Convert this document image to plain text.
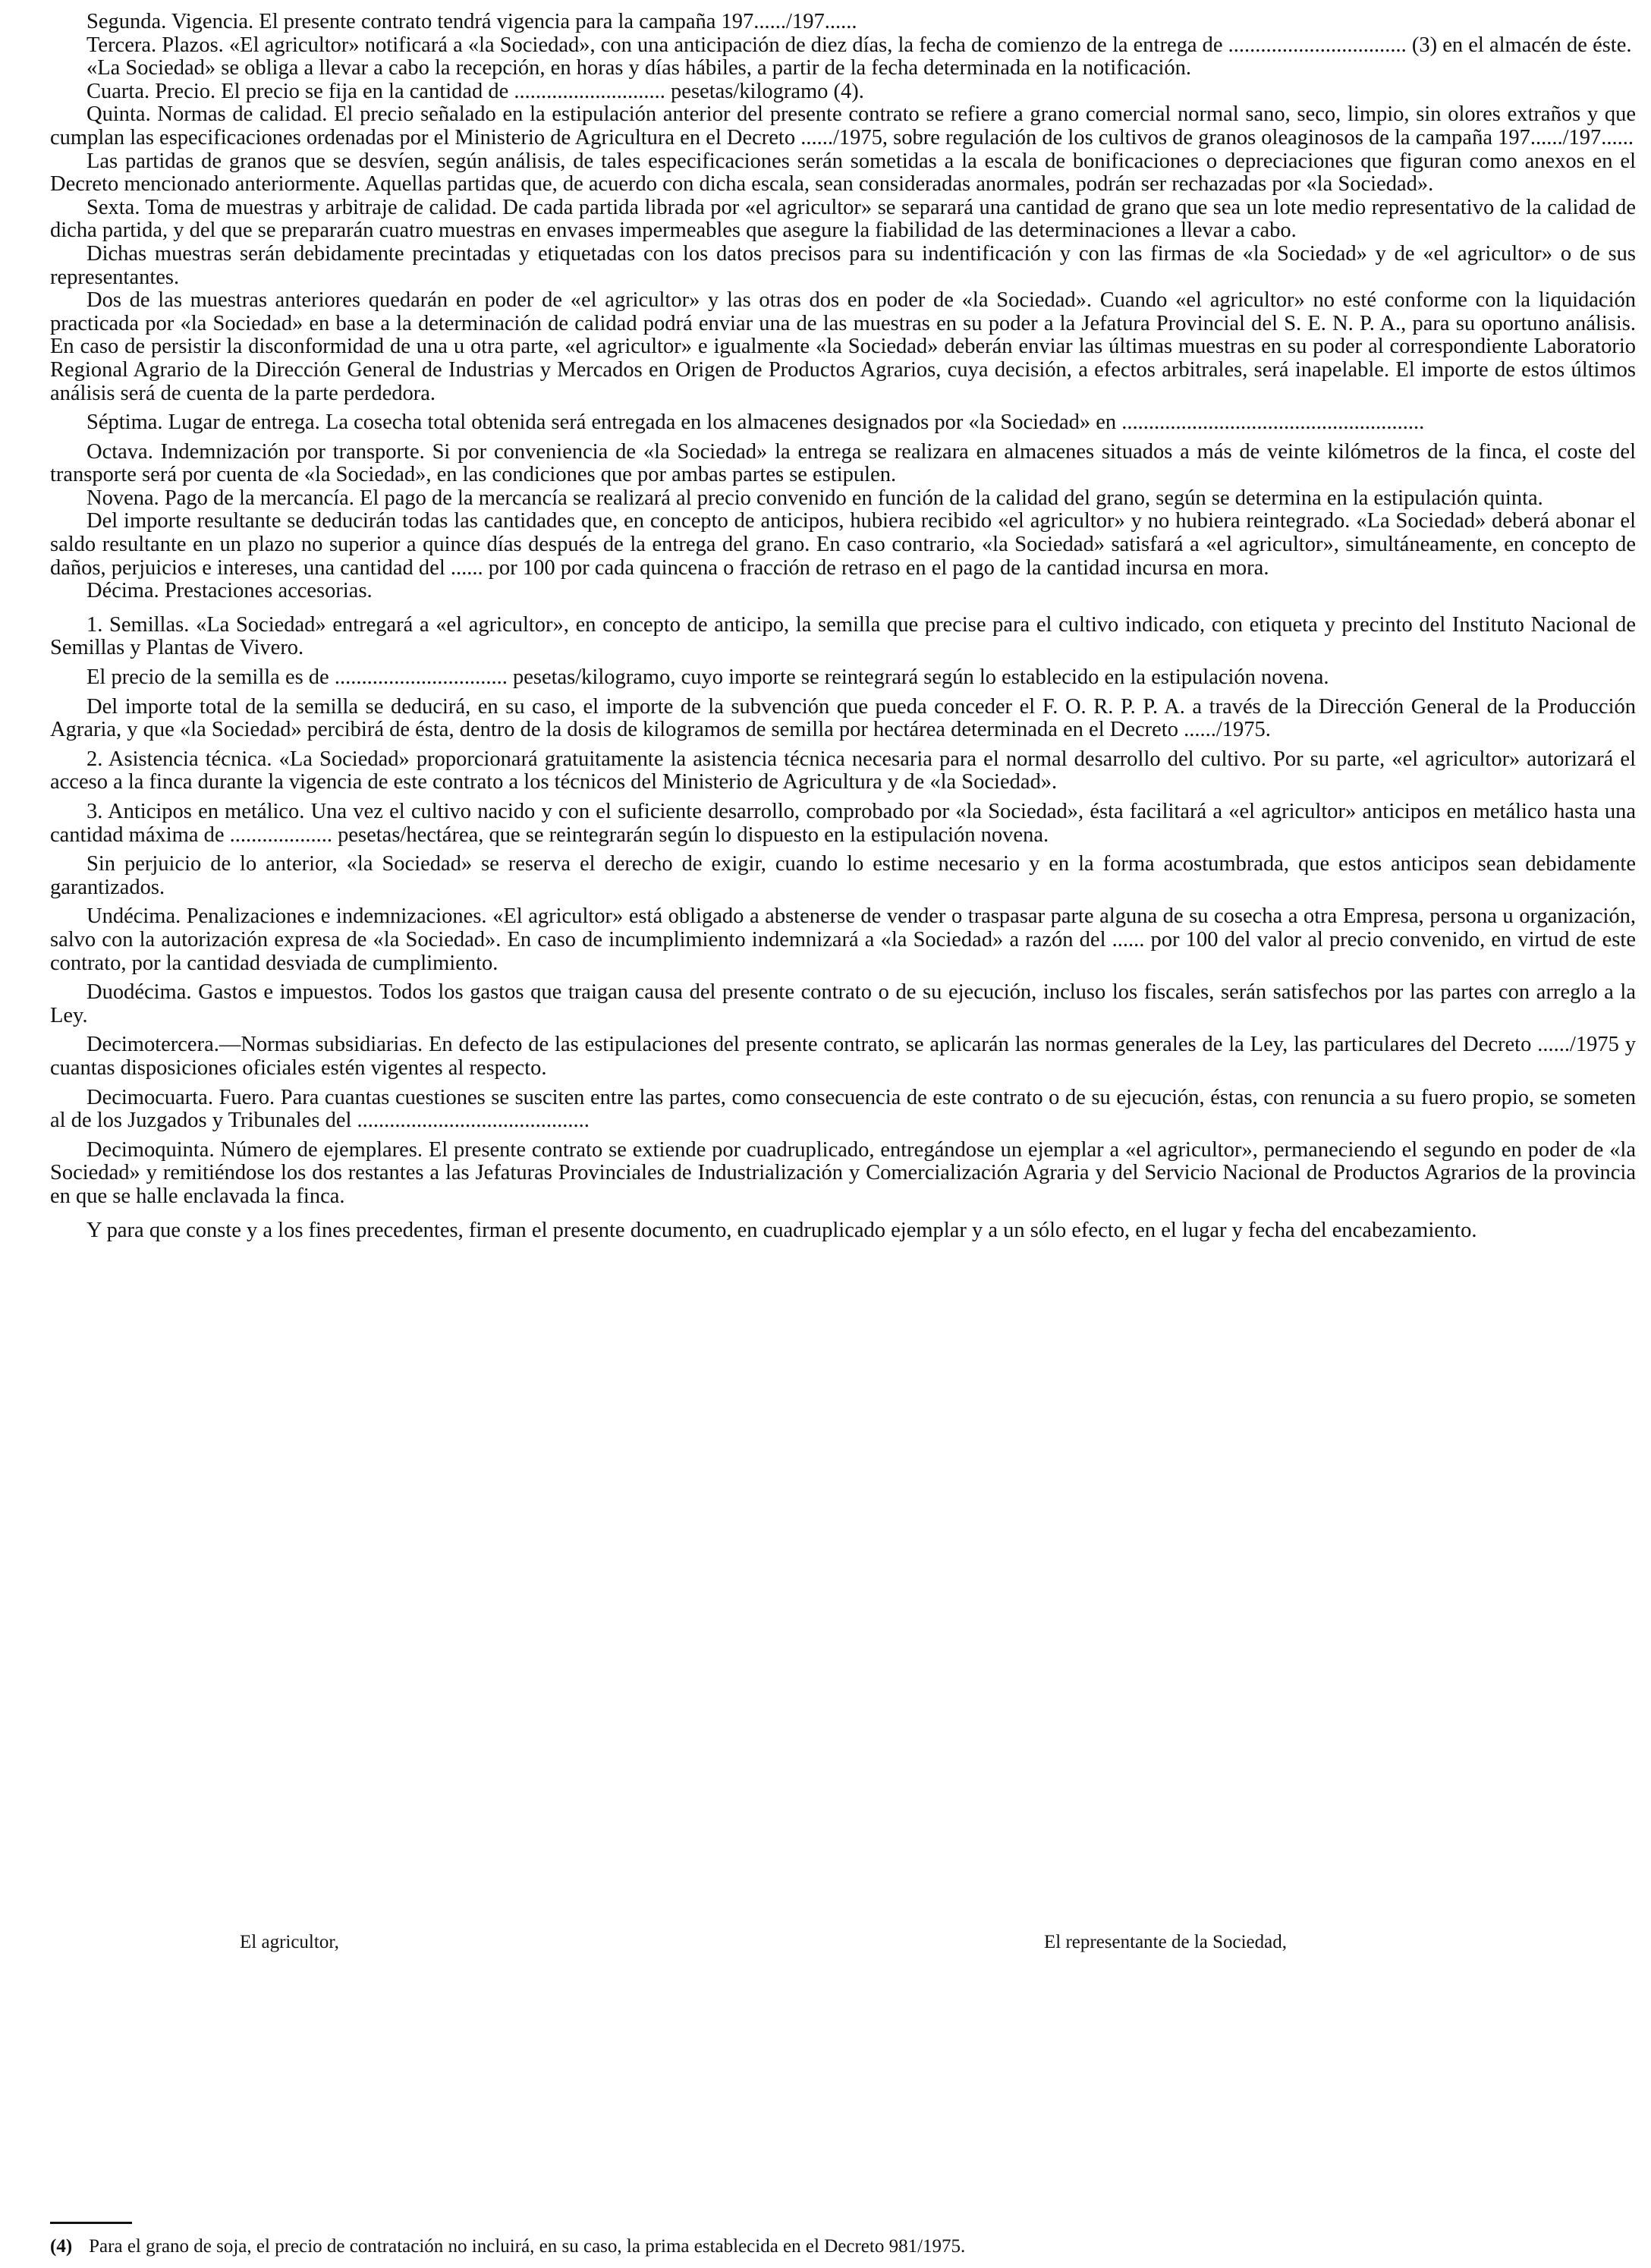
Segunda. Vigencia. El presente contrato tendrá vigencia para la campaña 197....../197......

Tercera. Plazos. «El agricultor» notificará a «la Sociedad», con una anticipación de diez días, la fecha de comienzo de la entrega de ................................. (3) en el almacén de éste.

«La Sociedad» se obliga a llevar a cabo la recepción, en horas y días hábiles, a partir de la fecha determinada en la notificación.

Cuarta. Precio. El precio se fija en la cantidad de ............................ pesetas/kilogramo (4).

Quinta. Normas de calidad. El precio señalado en la estipulación anterior del presente contrato se refiere a grano comercial normal sano, seco, limpio, sin olores extraños y que cumplan las especificaciones ordenadas por el Ministerio de Agricultura en el Decreto ....../1975, sobre regulación de los cultivos de granos oleaginosos de la campaña 197....../197......

Las partidas de granos que se desvíen, según análisis, de tales especificaciones serán sometidas a la escala de bonificaciones o depreciaciones que figuran como anexos en el Decreto mencionado anteriormente. Aquellas partidas que, de acuerdo con dicha escala, sean consideradas anormales, podrán ser rechazadas por «la Sociedad».

Sexta. Toma de muestras y arbitraje de calidad. De cada partida librada por «el agricultor» se separará una cantidad de grano que sea un lote medio representativo de la calidad de dicha partida, y del que se prepararán cuatro muestras en envases impermeables que asegure la fiabilidad de las determinaciones a llevar a cabo.

Dichas muestras serán debidamente precintadas y etiquetadas con los datos precisos para su indentificación y con las firmas de «la Sociedad» y de «el agricultor» o de sus representantes.

Dos de las muestras anteriores quedarán en poder de «el agricultor» y las otras dos en poder de «la Sociedad». Cuando «el agricultor» no esté conforme con la liquidación practicada por «la Sociedad» en base a la determinación de calidad podrá enviar una de las muestras en su poder a la Jefatura Provincial del S. E. N. P. A., para su oportuno análisis. En caso de persistir la disconformidad de una u otra parte, «el agricultor» e igualmente «la Sociedad» deberán enviar las últimas muestras en su poder al correspondiente Laboratorio Regional Agrario de la Dirección General de Industrias y Mercados en Origen de Productos Agrarios, cuya decisión, a efectos arbitrales, será inapelable. El importe de estos últimos análisis será de cuenta de la parte perdedora.

Séptima. Lugar de entrega. La cosecha total obtenida será entregada en los almacenes designados por «la Sociedad» en ........................................................

Octava. Indemnización por transporte. Si por conveniencia de «la Sociedad» la entrega se realizara en almacenes situados a más de veinte kilómetros de la finca, el coste del transporte será por cuenta de «la Sociedad», en las condiciones que por ambas partes se estipulen.

Novena. Pago de la mercancía. El pago de la mercancía se realizará al precio convenido en función de la calidad del grano, según se determina en la estipulación quinta.

Del importe resultante se deducirán todas las cantidades que, en concepto de anticipos, hubiera recibido «el agricultor» y no hubiera reintegrado. «La Sociedad» deberá abonar el saldo resultante en un plazo no superior a quince días después de la entrega del grano. En caso contrario, «la Sociedad» satisfará a «el agricultor», simultáneamente, en concepto de daños, perjuicios e intereses, una cantidad del ...... por 100 por cada quincena o fracción de retraso en el pago de la cantidad incursa en mora.

Décima. Prestaciones accesorias.

1. Semillas. «La Sociedad» entregará a «el agricultor», en concepto de anticipo, la semilla que precise para el cultivo indicado, con etiqueta y precinto del Instituto Nacional de Semillas y Plantas de Vivero.

El precio de la semilla es de ................................ pesetas/kilogramo, cuyo importe se reintegrará según lo establecido en la estipulación novena.

Del importe total de la semilla se deducirá, en su caso, el importe de la subvención que pueda conceder el F. O. R. P. P. A. a través de la Dirección General de la Producción Agraria, y que «la Sociedad» percibirá de ésta, dentro de la dosis de kilogramos de semilla por hectárea determinada en el Decreto ....../1975.

2. Asistencia técnica. «La Sociedad» proporcionará gratuitamente la asistencia técnica necesaria para el normal desarrollo del cultivo. Por su parte, «el agricultor» autorizará el acceso a la finca durante la vigencia de este contrato a los técnicos del Ministerio de Agricultura y de «la Sociedad».

3. Anticipos en metálico. Una vez el cultivo nacido y con el suficiente desarrollo, comprobado por «la Sociedad», ésta facilitará a «el agricultor» anticipos en metálico hasta una cantidad máxima de ................... pesetas/hectárea, que se reintegrarán según lo dispuesto en la estipulación novena.

Sin perjuicio de lo anterior, «la Sociedad» se reserva el derecho de exigir, cuando lo estime necesario y en la forma acostumbrada, que estos anticipos sean debidamente garantizados.

Undécima. Penalizaciones e indemnizaciones. «El agricultor» está obligado a abstenerse de vender o traspasar parte alguna de su cosecha a otra Empresa, persona u organización, salvo con la autorización expresa de «la Sociedad». En caso de incumplimiento indemnizará a «la Sociedad» a razón del ...... por 100 del valor al precio convenido, en virtud de este contrato, por la cantidad desviada de cumplimiento.

Duodécima. Gastos e impuestos. Todos los gastos que traigan causa del presente contrato o de su ejecución, incluso los fiscales, serán satisfechos por las partes con arreglo a la Ley.

Decimotercera.—Normas subsidiarias. En defecto de las estipulaciones del presente contrato, se aplicarán las normas generales de la Ley, las particulares del Decreto ....../1975 y cuantas disposiciones oficiales estén vigentes al respecto.

Decimocuarta. Fuero. Para cuantas cuestiones se susciten entre las partes, como consecuencia de este contrato o de su ejecución, éstas, con renuncia a su fuero propio, se someten al de los Juzgados y Tribunales del ...........................................

Decimoquinta. Número de ejemplares. El presente contrato se extiende por cuadruplicado, entregándose un ejemplar a «el agricultor», permaneciendo el segundo en poder de «la Sociedad» y remitiéndose los dos restantes a las Jefaturas Provinciales de Industrialización y Comercialización Agraria y del Servicio Nacional de Productos Agrarios de la provincia en que se halle enclavada la finca.

Y para que conste y a los fines precedentes, firman el presente documento, en cuadruplicado ejemplar y a un sólo efecto, en el lugar y fecha del encabezamiento.

El agricultor,	El representante de la Sociedad,
(4) Para el grano de soja, el precio de contratación no incluirá, en su caso, la prima establecida en el Decreto 981/1975.
